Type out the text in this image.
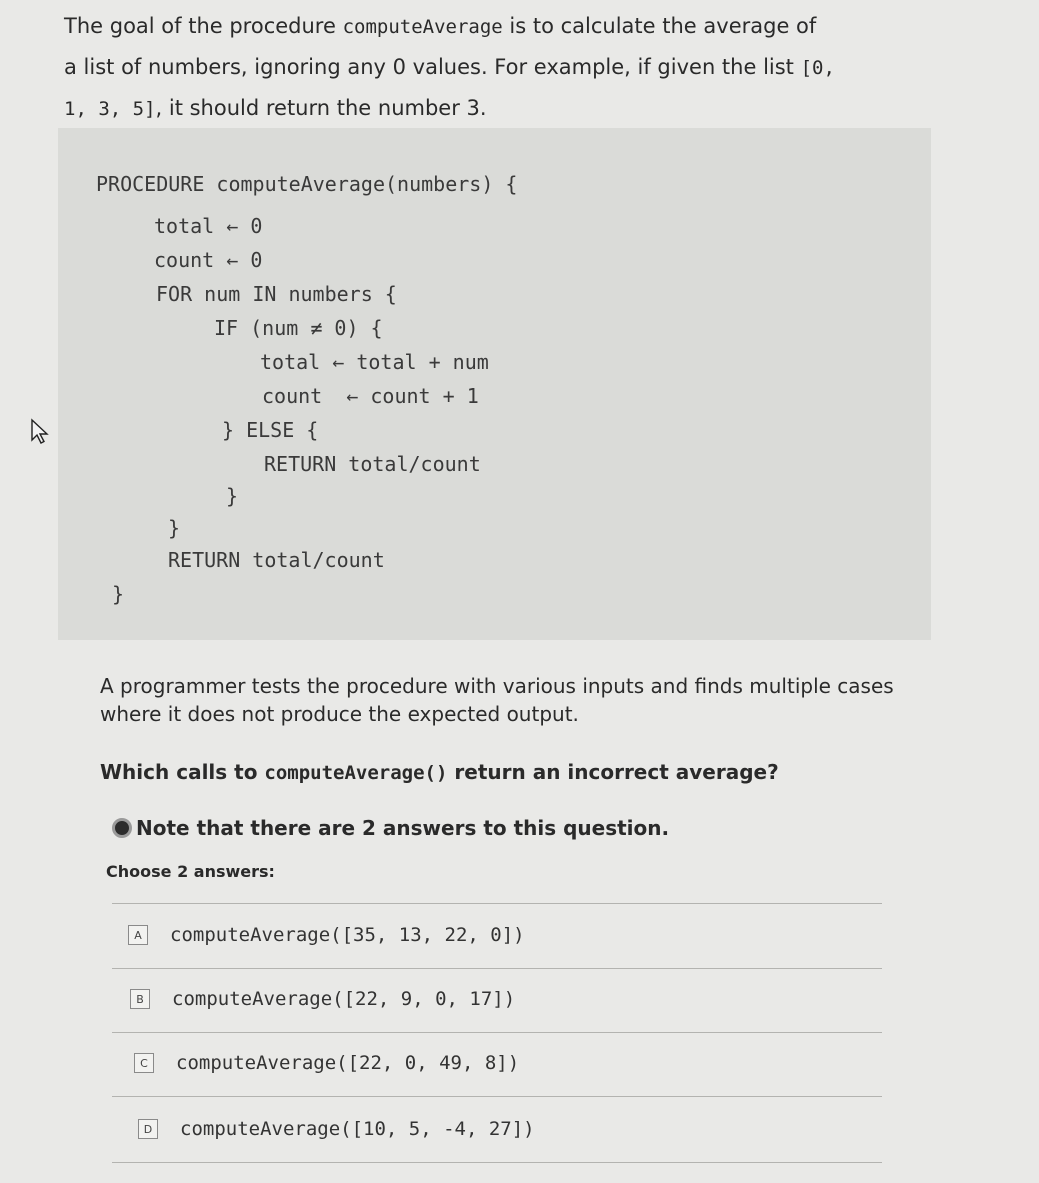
The goal of the procedure computeAverage is to calculate the average of
a list of numbers, ignoring any 0 values. For example, if given the list [0,
1, 3, 5], it should return the number 3.
PROCEDURE computeAverage(numbers) {
total ← 0
count ← 0
FOR num IN numbers {
IF (num ≠ 0) {
total ← total + num
count  ← count + 1
} ELSE {
RETURN total/count
}
}
RETURN total/count
}
A programmer tests the procedure with various inputs and finds multiple cases where it does not produce the expected output.
Which calls to computeAverage() return an incorrect average?
Note that there are 2 answers to this question.
Choose 2 answers:
A	computeAverage([35, 13, 22, 0])
B	computeAverage([22, 9, 0, 17])
C	computeAverage([22, 0, 49, 8])
D	computeAverage([10, 5, -4, 27])
